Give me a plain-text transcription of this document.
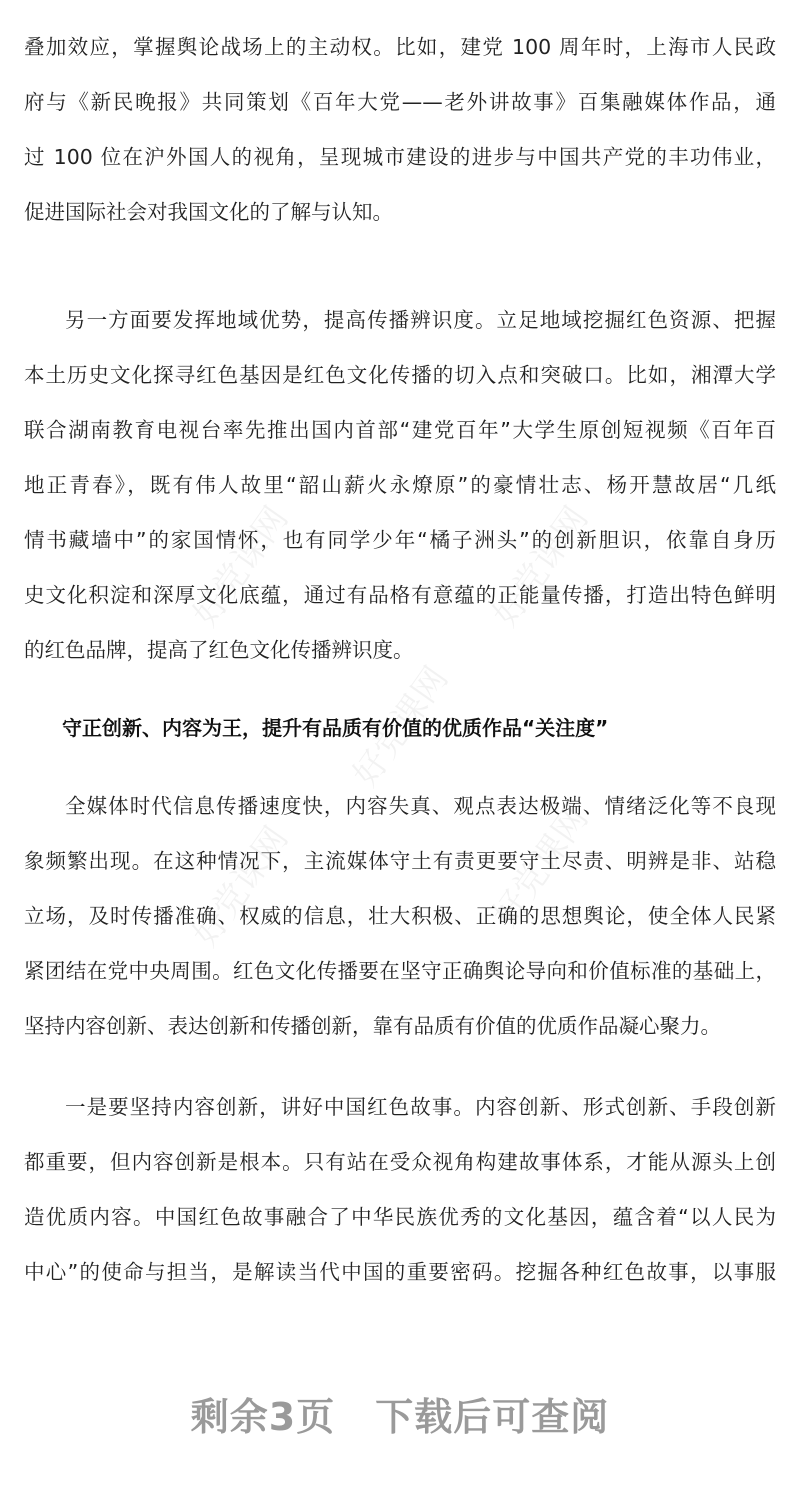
好党课网	好党课网
好党课网
好党课网	好党课网
叠加效应，掌握舆论战场上的主动权。比如，建党 100 周年时，上海市人民政
府与《新民晚报》共同策划《百年大党——老外讲故事》百集融媒体作品，通
过 100 位在沪外国人的视角，呈现城市建设的进步与中国共产党的丰功伟业，
促进国际社会对我国文化的了解与认知。
另一方面要发挥地域优势，提高传播辨识度。立足地域挖掘红色资源、把握
本土历史文化探寻红色基因是红色文化传播的切入点和突破口。比如，湘潭大学
联合湖南教育电视台率先推出国内首部“建党百年”大学生原创短视频《百年百
地正青春》，既有伟人故里“韶山薪火永燎原”的豪情壮志、杨开慧故居“几纸
情书藏墙中”的家国情怀，也有同学少年“橘子洲头”的创新胆识，依靠自身历
史文化积淀和深厚文化底蕴，通过有品格有意蕴的正能量传播，打造出特色鲜明
的红色品牌，提高了红色文化传播辨识度。
守正创新、内容为王，提升有品质有价值的优质作品“关注度”
全媒体时代信息传播速度快，内容失真、观点表达极端、情绪泛化等不良现
象频繁出现。在这种情况下，主流媒体守土有责更要守土尽责、明辨是非、站稳
立场，及时传播准确、权威的信息，壮大积极、正确的思想舆论，使全体人民紧
紧团结在党中央周围。红色文化传播要在坚守正确舆论导向和价值标准的基础上，
坚持内容创新、表达创新和传播创新，靠有品质有价值的优质作品凝心聚力。
一是要坚持内容创新，讲好中国红色故事。内容创新、形式创新、手段创新
都重要，但内容创新是根本。只有站在受众视角构建故事体系，才能从源头上创
造优质内容。中国红色故事融合了中华民族优秀的文化基因，蕴含着“以人民为
中心”的使命与担当，是解读当代中国的重要密码。挖掘各种红色故事，以事服
剩余3页 下载后可查阅
